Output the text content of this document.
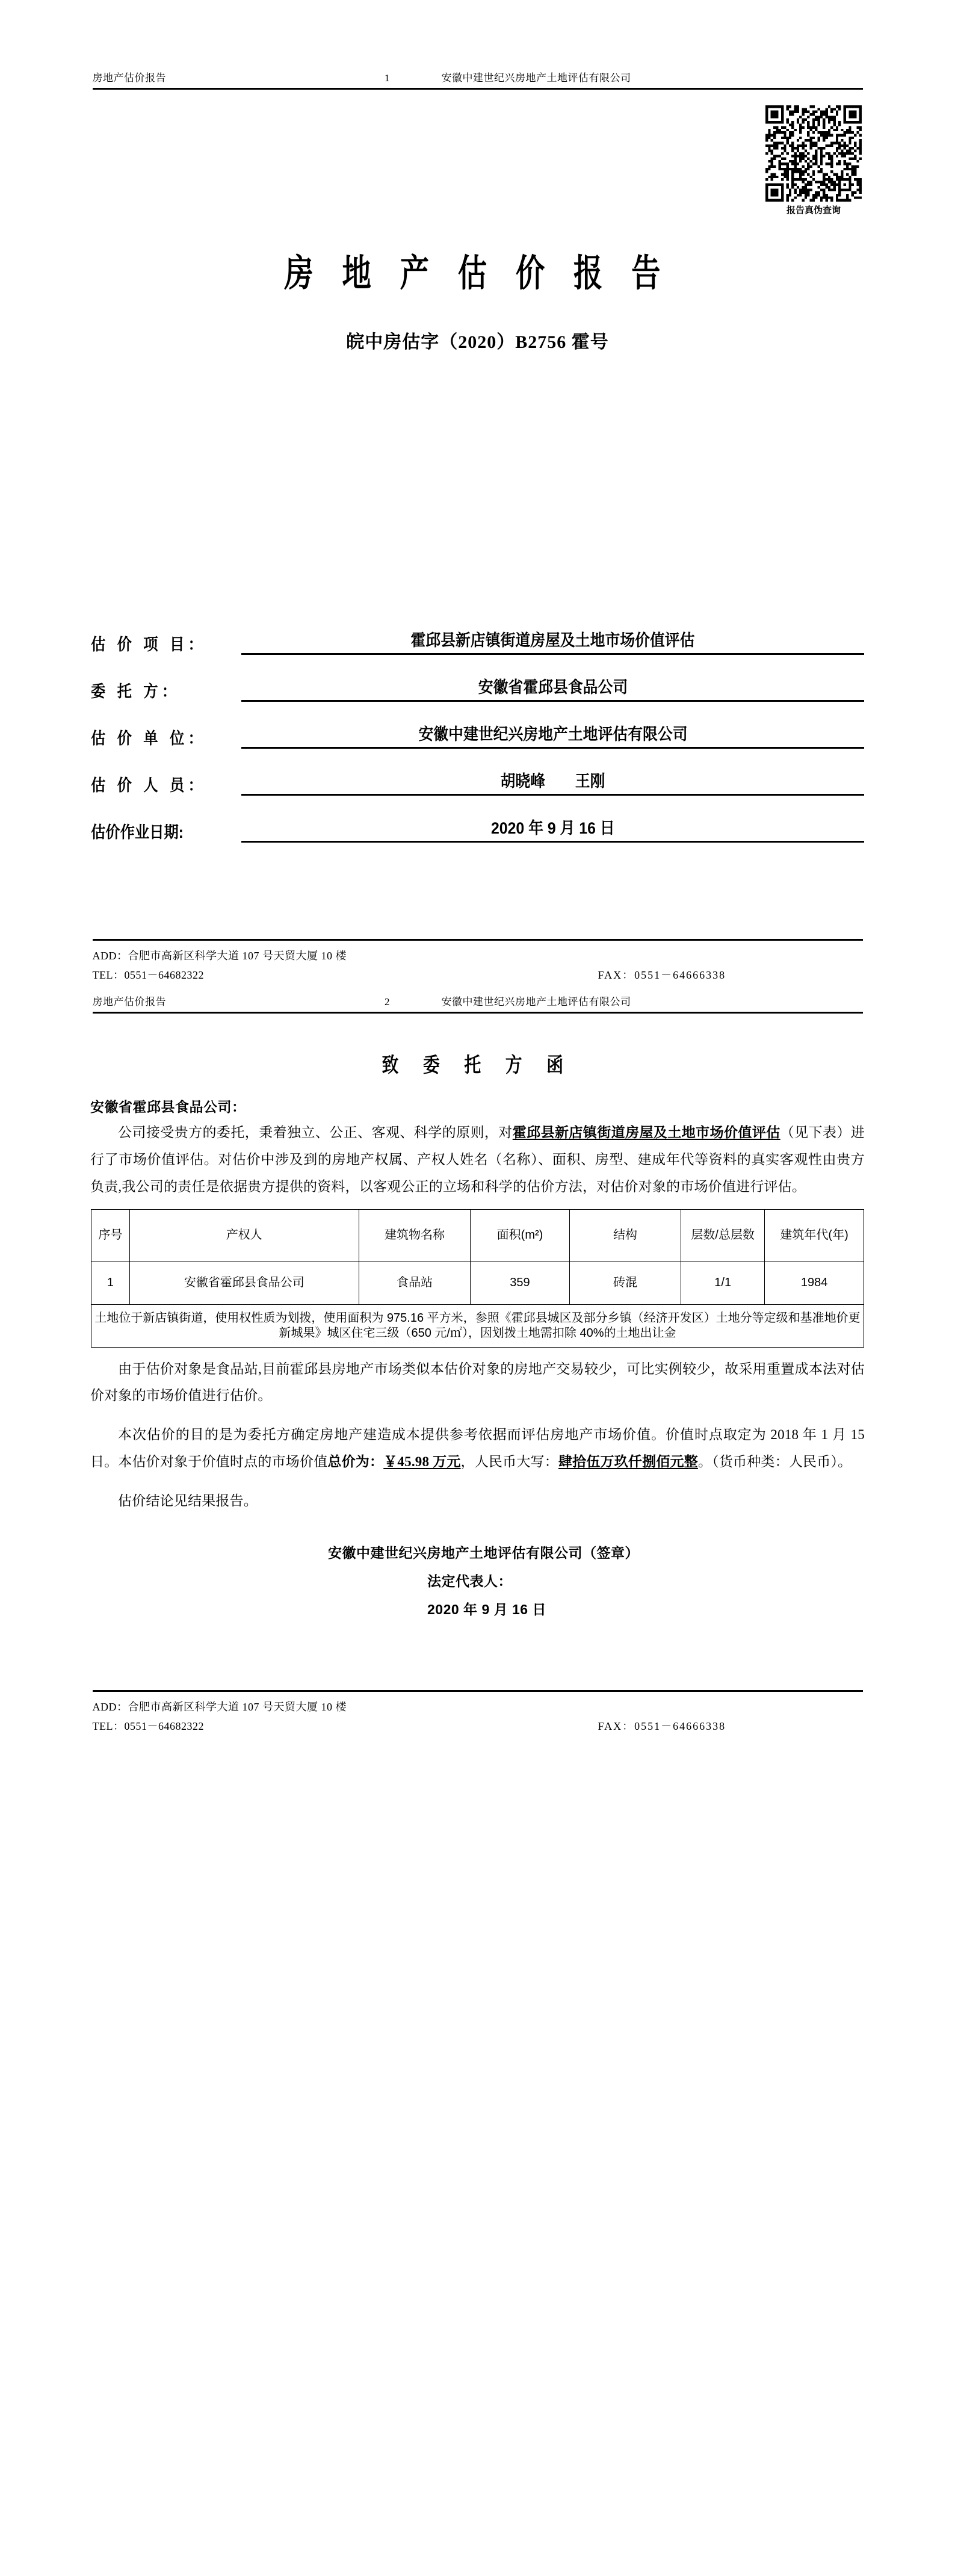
房地产估价报告	1	安徽中建世纪兴房地产土地评估有限公司
报告真伪查询
房 地 产 估 价 报 告
皖中房估字（2020）B2756 霍号
估 价 项 目：	霍邱县新店镇街道房屋及土地市场价值评估
委 托 方：	安徽省霍邱县食品公司
估 价 单 位：	安徽中建世纪兴房地产土地评估有限公司
估 价 人 员：	胡晓峰　　王刚
估价作业日期:	2020 年 9 月 16 日
ADD：合肥市高新区科学大道 107 号天贸大厦 10 楼
TEL：0551－64682322	FAX：0551－64666338
房地产估价报告	2	安徽中建世纪兴房地产土地评估有限公司
致 委 托 方 函
安徽省霍邱县食品公司：

公司接受贵方的委托，秉着独立、公正、客观、科学的原则，对霍邱县新店镇街道房屋及土地市场价值评估（见下表）进行了市场价值评估。对估价中涉及到的房地产权属、产权人姓名（名称）、面积、房型、建成年代等资料的真实客观性由贵方负责,我公司的责任是依据贵方提供的资料，以客观公正的立场和科学的估价方法，对估价对象的市场价值进行评估。

序号	产权人	建筑物名称	面积(m²)	结构	层数/总层数	建筑年代(年)
1	安徽省霍邱县食品公司	食品站	359	砖混	1/1	1984
土地位于新店镇街道，使用权性质为划拨，使用面积为 975.16 平方米，参照《霍邱县城区及部分乡镇（经济开发区）土地分等定级和基准地价更新城果》城区住宅三级（650 元/㎡），因划拨土地需扣除 40%的土地出让金						

由于估价对象是食品站,目前霍邱县房地产市场类似本估价对象的房地产交易较少，可比实例较少，故采用重置成本法对估价对象的市场价值进行估价。

本次估价的目的是为委托方确定房地产建造成本提供参考依据而评估房地产市场价值。价值时点取定为 2018 年 1 月 15 日。本估价对象于价值时点的市场价值总价为：￥45.98 万元，人民币大写：肆拾伍万玖仟捌佰元整。（货币种类：人民币）。

估价结论见结果报告。

安徽中建世纪兴房地产土地评估有限公司（签章）
法定代表人：
2020 年 9 月 16 日
ADD：合肥市高新区科学大道 107 号天贸大厦 10 楼
TEL：0551－64682322	FAX：0551－64666338
